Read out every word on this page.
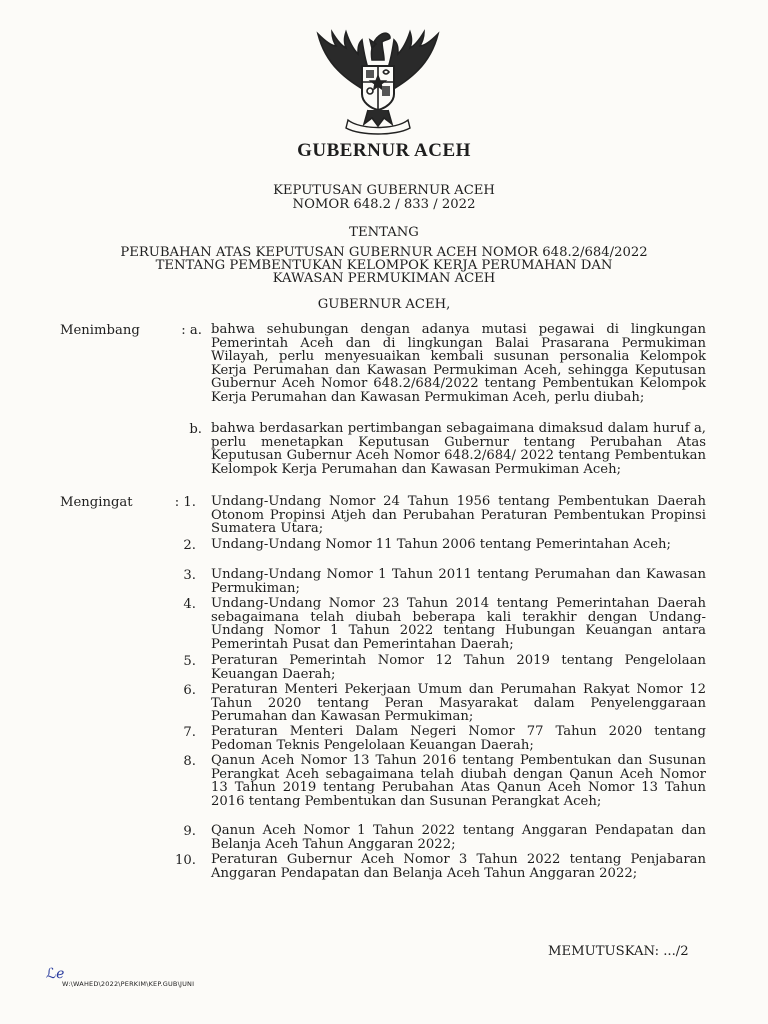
GUBERNUR ACEH
KEPUTUSAN GUBERNUR ACEH
NOMOR 648.2 / 833 / 2022
TENTANG
PERUBAHAN ATAS KEPUTUSAN GUBERNUR ACEH NOMOR 648.2/684/2022
TENTANG PEMBENTUKAN KELOMPOK KERJA PERUMAHAN DAN
KAWASAN PERMUKIMAN ACEH
GUBERNUR ACEH,
Menimbang	: a. bahwa sehubungan dengan adanya mutasi pegawai di lingkungan Pemerintah Aceh dan di lingkungan Balai Prasarana Permukiman Wilayah, perlu menyesuaikan kembali susunan personalia Kelompok Kerja Perumahan dan Kawasan Permukiman Aceh, sehingga Keputusan Gubernur Aceh Nomor 648.2/684/2022 tentang Pembentukan Kelompok Kerja Perumahan dan Kawasan Permukiman Aceh, perlu diubah;
b. bahwa berdasarkan pertimbangan sebagaimana dimaksud dalam huruf a, perlu menetapkan Keputusan Gubernur tentang Perubahan Atas Keputusan Gubernur Aceh Nomor 648.2/684/ 2022 tentang Pembentukan Kelompok Kerja Perumahan dan Kawasan Permukiman Aceh;
Mengingat	: 1. Undang-Undang Nomor 24 Tahun 1956 tentang Pembentukan Daerah Otonom Propinsi Atjeh dan Perubahan Peraturan Pembentukan Propinsi Sumatera Utara;
2. Undang-Undang Nomor 11 Tahun 2006 tentang Pemerintahan Aceh;
3. Undang-Undang Nomor 1 Tahun 2011 tentang Perumahan dan Kawasan Permukiman;
4. Undang-Undang Nomor 23 Tahun 2014 tentang Pemerintahan Daerah sebagaimana telah diubah beberapa kali terakhir dengan Undang-Undang Nomor 1 Tahun 2022 tentang Hubungan Keuangan antara Pemerintah Pusat dan Pemerintahan Daerah;
5. Peraturan Pemerintah Nomor 12 Tahun 2019 tentang Pengelolaan Keuangan Daerah;
6. Peraturan Menteri Pekerjaan Umum dan Perumahan Rakyat Nomor 12 Tahun 2020 tentang Peran Masyarakat dalam Penyelenggaraan Perumahan dan Kawasan Permukiman;
7. Peraturan Menteri Dalam Negeri Nomor 77 Tahun 2020 tentang Pedoman Teknis Pengelolaan Keuangan Daerah;
8. Qanun Aceh Nomor 13 Tahun 2016 tentang Pembentukan dan Susunan Perangkat Aceh sebagaimana telah diubah dengan Qanun Aceh Nomor 13 Tahun 2019 tentang Perubahan Atas Qanun Aceh Nomor 13 Tahun 2016 tentang Pembentukan dan Susunan Perangkat Aceh;
9. Qanun Aceh Nomor 1 Tahun 2022 tentang Anggaran Pendapatan dan Belanja Aceh Tahun Anggaran 2022;
10. Peraturan Gubernur Aceh Nomor 3 Tahun 2022 tentang Penjabaran Anggaran Pendapatan dan Belanja Aceh Tahun Anggaran 2022;
MEMUTUSKAN: .../2
ℒℯ
W:\WAHED\2022\PERKIM\KEP.GUB\JUNI
